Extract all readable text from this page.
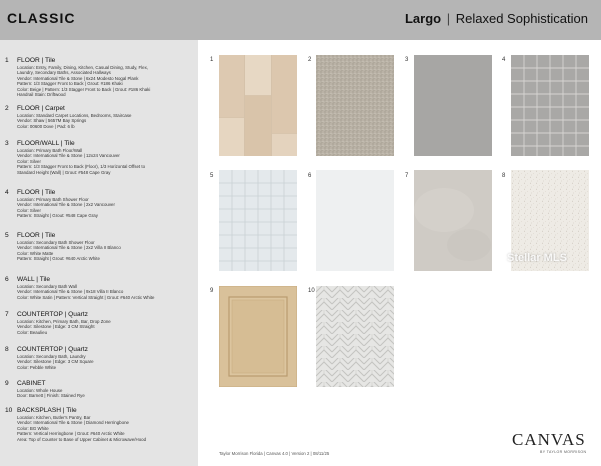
CLASSIC	Largo | Relaxed Sophistication
1 FLOOR | Tile
Location: Entry, Family, Dining, Kitchen, Casual Dining, Study, Flex,
Laundry, Secondary Baths, Associated Hallways
Vendor: International Tile & Stone | 6x24 Modesto Nogal Plank
Pattern: 1/3 Stagger Front to Back | Grout: #186 Khaki
Color: Beige | Pattern: 1/3 Stagger Front to Back | Grout: #186 Khaki
Handrail Stain: Driftwood
2 FLOOR | Carpet
Location: Standard Carpet Locations, Bedrooms, Staircase
Vendor: Shaw | 5657M Bay Springs
Color: 00600 Dove | Pad: 6 lb
3 FLOOR/WALL | Tile
Location: Primary Bath Floor/Wall
Vendor: International Tile & Stone | 12x24 Vancouver
Color: Silver
Pattern: 1/3 Stagger Front to Back (Floor), 1/3 Horizontal Offset to
Standard Height (Wall) | Grout: #548 Cape Gray
4 FLOOR | Tile
Location: Primary Bath Shower Floor
Vendor: International Tile & Stone | 2x2 Vancouver
Color: Silver
Pattern: Straight | Grout: #548 Cape Gray
5 FLOOR | Tile
Location: Secondary Bath Shower Floor
Vendor: International Tile & Stone | 2x2 Villa II Blanco
Color: White Matte
Pattern: Straight | Grout: #640 Arctic White
6 WALL | Tile
Location: Secondary Bath Wall
Vendor: International Tile & Stone | 9x18 Villa II Blanco
Color: White Satin | Pattern: Vertical Straight | Grout: #640 Arctic White
7 COUNTERTOP | Quartz
Location: Kitchen, Primary Bath, Bar, Drop Zone
Vendor: Silestone | Edge: 3 CM Straight
Color: Beaulieu
8 COUNTERTOP | Quartz
Location: Secondary Bath, Laundry
Vendor: Silestone | Edge: 3 CM Square
Color: Pebble White
9 CABINET
Location: Whole House
Door: Barnett | Finish: Stained Rye
10 BACKSPLASH | Tile
Location: Kitchen, Butler's Pantry, Bar
Vendor: International Tile & Stone | Diamond Herringbone
Color: BG White
Pattern: Vertical Herringbone | Grout: #640 Arctic White
Area: Top of Counter to Base of Upper Cabinet & Microwave/Hood
1	2	3	4
5	6	7	8
9	10
Stellar MLS
Taylor Morrison Florida | Canvas 4.0 | Version 2 | 08/11/25
CANVAS
BY TAYLOR MORRISON
